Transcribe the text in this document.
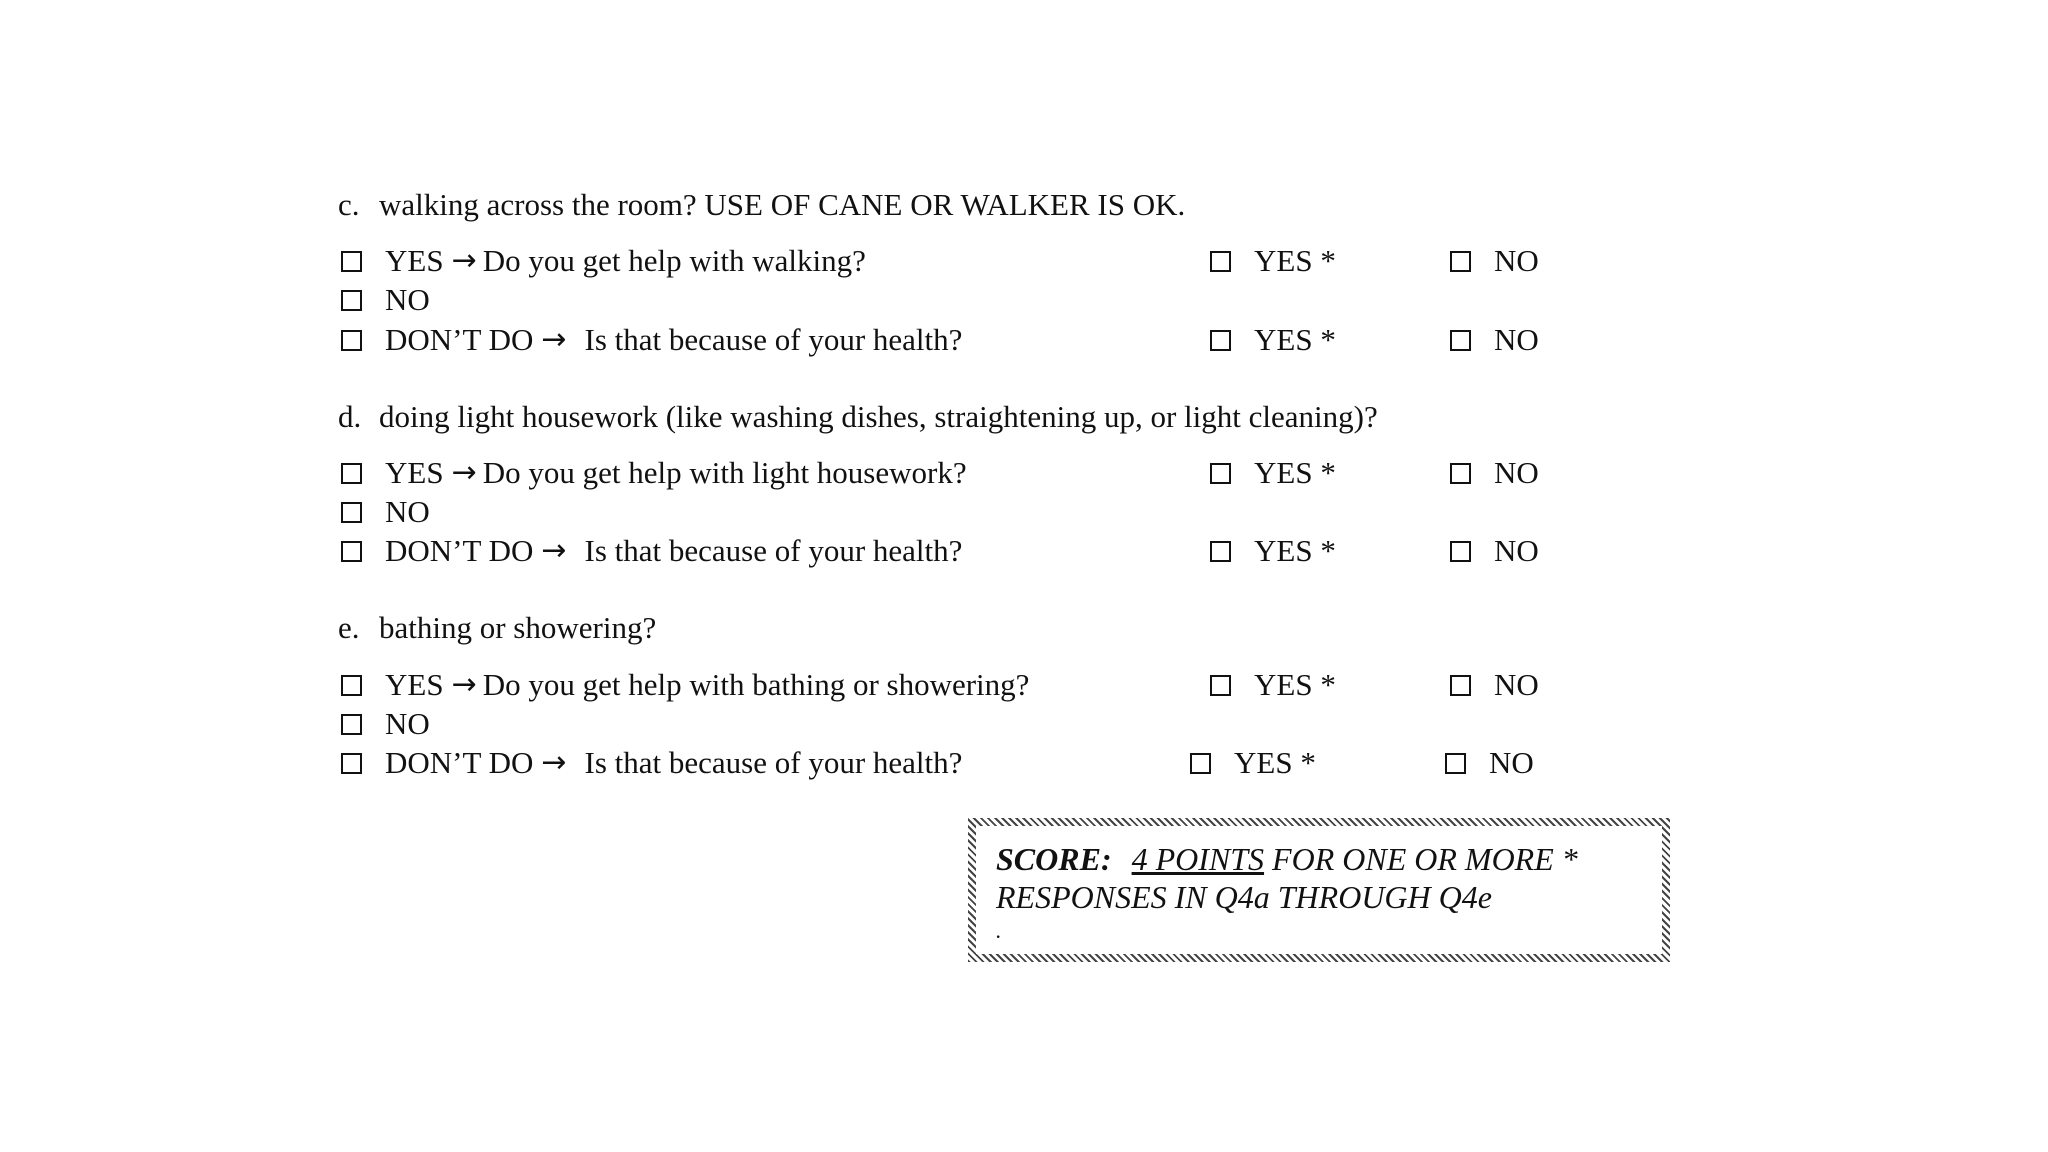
c. walking across the room? USE OF CANE OR WALKER IS OK.
YES → Do you get help with walking?	YES *	NO
NO
DON’T DO → Is that because of your health?	YES *	NO
d. doing light housework (like washing dishes, straightening up, or light cleaning)?
YES → Do you get help with light housework?	YES *	NO
NO
DON’T DO → Is that because of your health?	YES *	NO
e. bathing or showering?
YES → Do you get help with bathing or showering?	YES *	NO
NO
DON’T DO → Is that because of your health?	YES *	NO
SCORE: 4 POINTS FOR ONE OR MORE *
RESPONSES IN Q4a THROUGH Q4e
.
